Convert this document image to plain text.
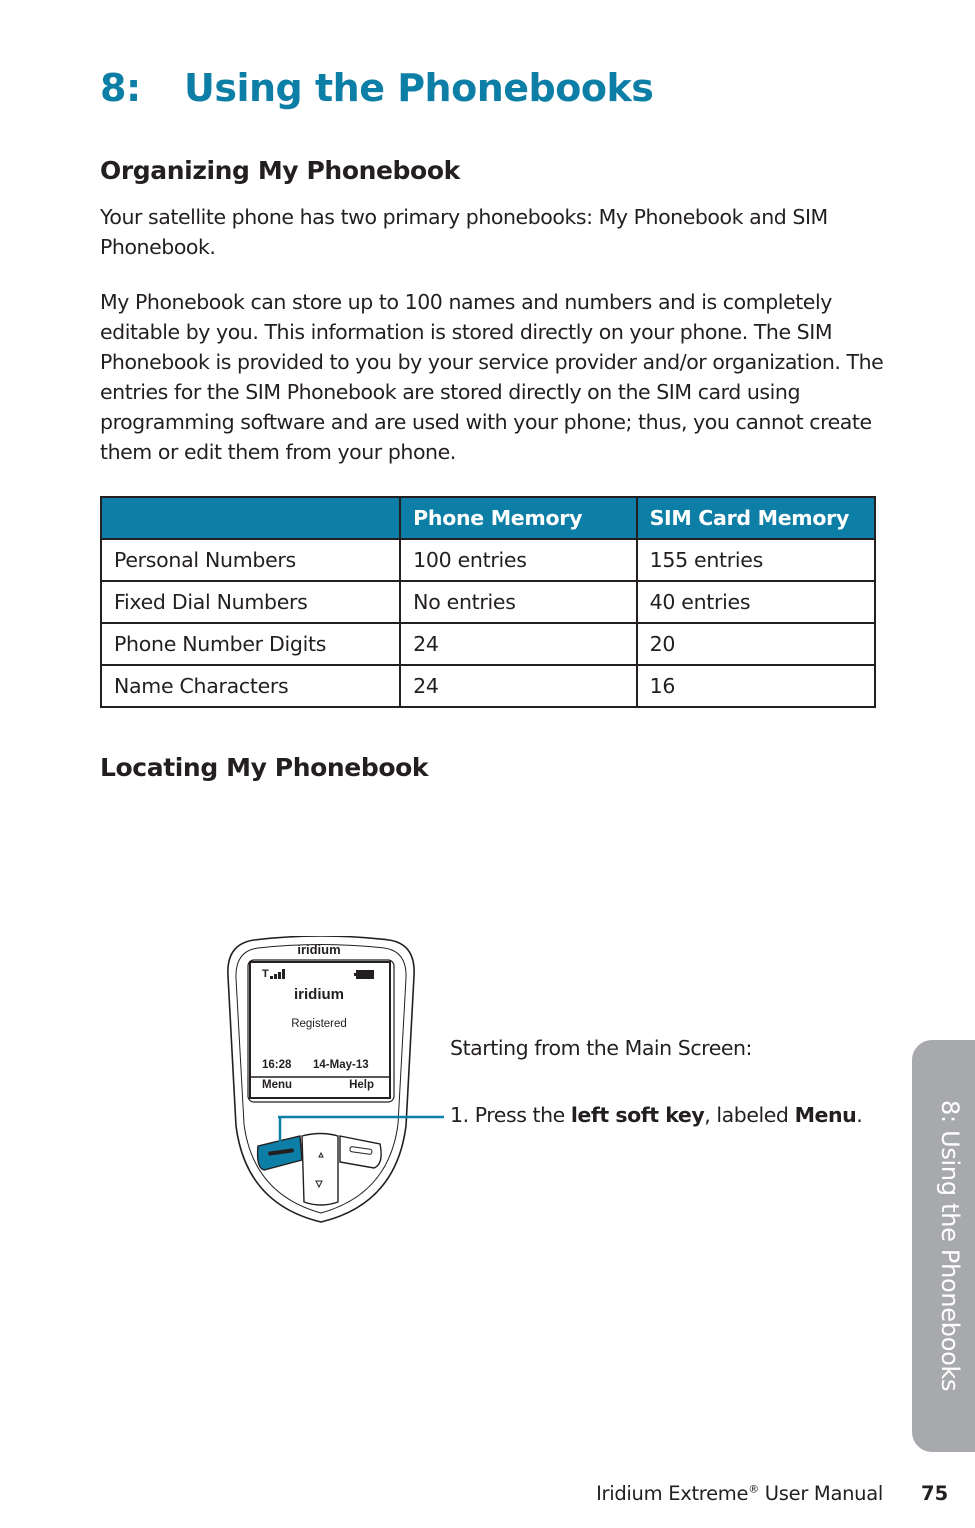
8: Using the Phonebooks
Organizing My Phonebook

Your satellite phone has two primary phonebooks: My Phonebook and SIM Phonebook.

My Phonebook can store up to 100 names and numbers and is completely editable by you. This information is stored directly on your phone. The SIM Phonebook is provided to you by your service provider and/or organization. The entries for the SIM Phonebook are stored directly on the SIM card using programming software and are used with your phone; thus, you cannot create them or edit them from your phone.

	Phone Memory	SIM Card Memory
Personal Numbers	100 entries	155 entries
Fixed Dial Numbers	No entries	40 entries
Phone Number Digits	24	20
Name Characters	24	16
Locating My Phonebook
iridium
T
iridium
Registered
16:28 14-May-13
Menu	Help

Starting from the Main Screen:

1. Press the left soft key, labeled Menu.	8: Using the Phonebooks
Iridium Extreme® User Manual 75
